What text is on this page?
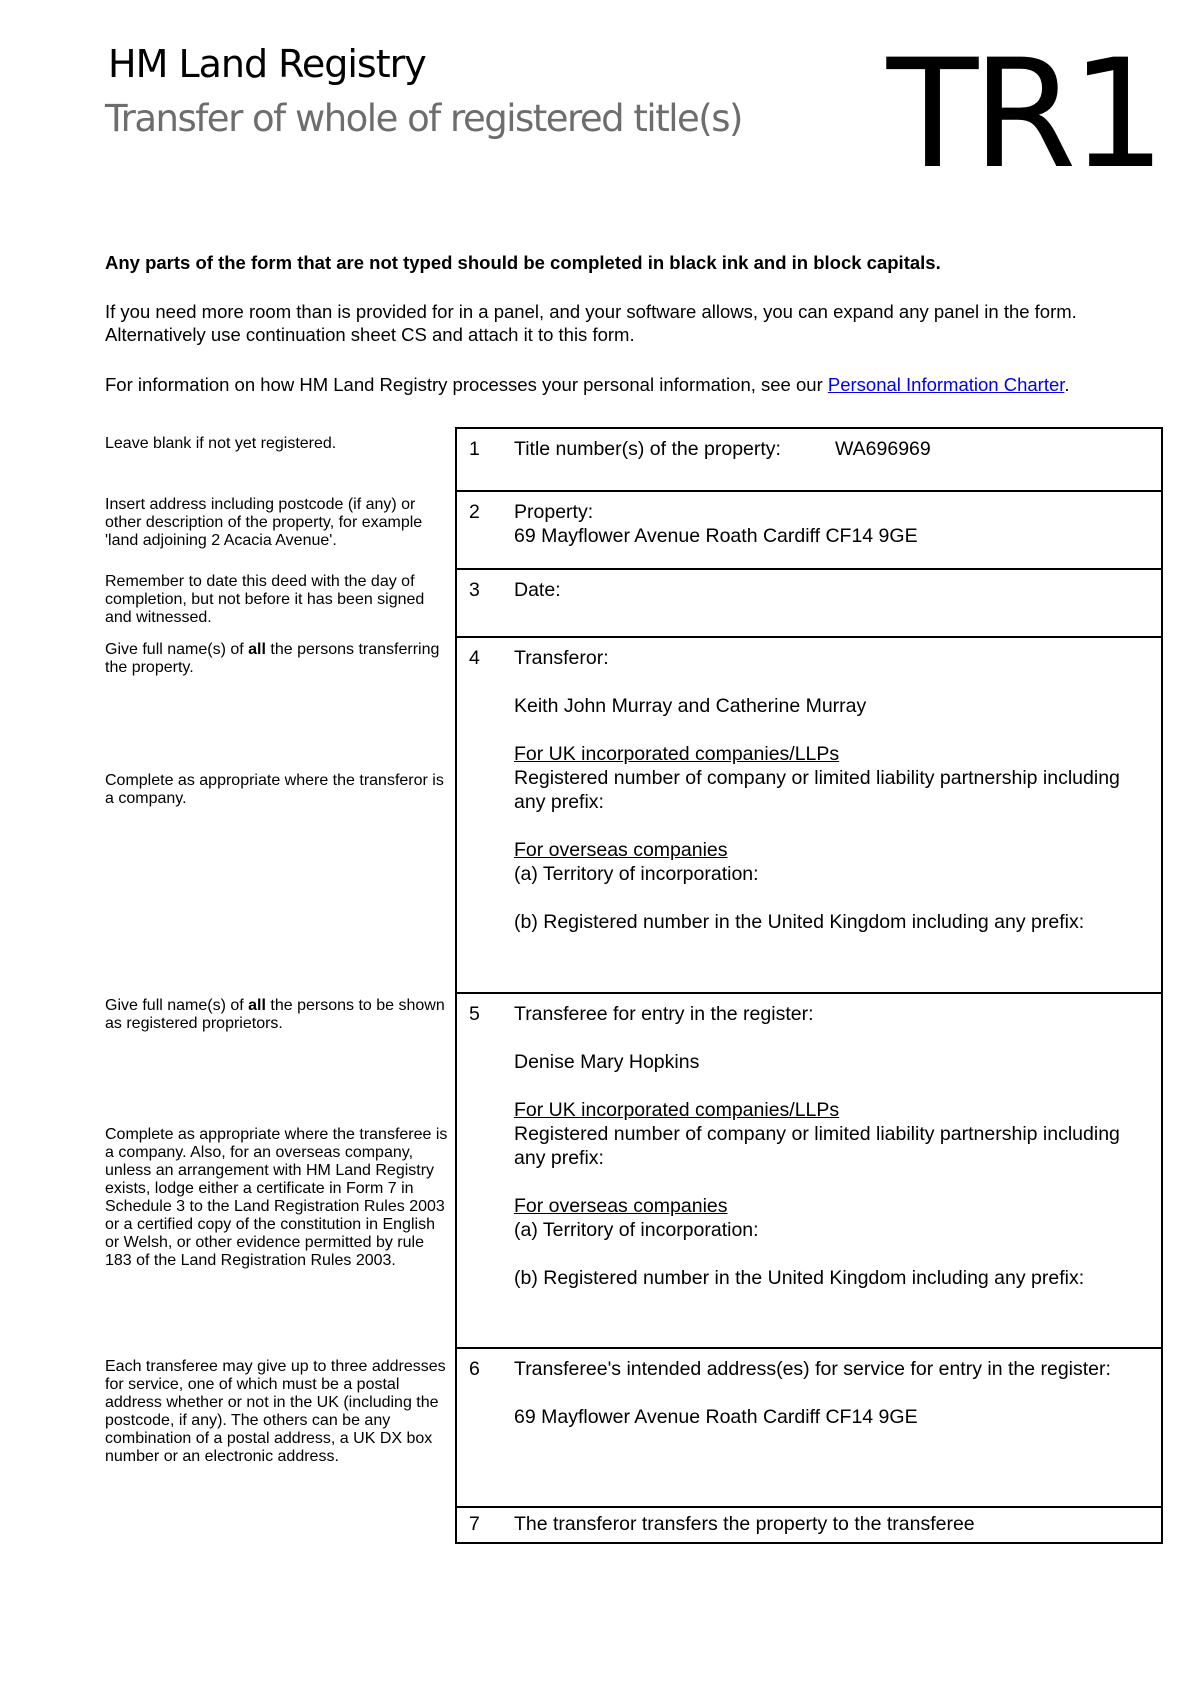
HM Land Registry
Transfer of whole of registered title(s) TR1
Any parts of the form that are not typed should be completed in black ink and in block capitals.
If you need more room than is provided for in a panel, and your software allows, you can expand any panel in the form. Alternatively use continuation sheet CS and attach it to this form.
For information on how HM Land Registry processes your personal information, see our Personal Information Charter.
Leave blank if not yet registered.
Insert address including postcode (if any) or other description of the property, for example 'land adjoining 2 Acacia Avenue'.
Remember to date this deed with the day of completion, but not before it has been signed and witnessed.
Give full name(s) of all the persons transferring the property.
Complete as appropriate where the transferor is a company.
Give full name(s) of all the persons to be shown as registered proprietors.
Complete as appropriate where the transferee is a company. Also, for an overseas company, unless an arrangement with HM Land Registry exists, lodge either a certificate in Form 7 in Schedule 3 to the Land Registration Rules 2003 or a certified copy of the constitution in English or Welsh, or other evidence permitted by rule 183 of the Land Registration Rules 2003.
Each transferee may give up to three addresses for service, one of which must be a postal address whether or not in the UK (including the postcode, if any). The others can be any combination of a postal address, a UK DX box number or an electronic address.
1 Title number(s) of the property:	WA696969
2 Property:
69 Mayflower Avenue Roath Cardiff CF14 9GE
3 Date:
4 Transferor:
Keith John Murray and Catherine Murray
For UK incorporated companies/LLPs
Registered number of company or limited liability partnership including any prefix:
For overseas companies
(a) Territory of incorporation:
(b) Registered number in the United Kingdom including any prefix:
5 Transferee for entry in the register:
Denise Mary Hopkins
For UK incorporated companies/LLPs
Registered number of company or limited liability partnership including any prefix:
For overseas companies
(a) Territory of incorporation:
(b) Registered number in the United Kingdom including any prefix:
6 Transferee's intended address(es) for service for entry in the register:
69 Mayflower Avenue Roath Cardiff CF14 9GE
7 The transferor transfers the property to the transferee
